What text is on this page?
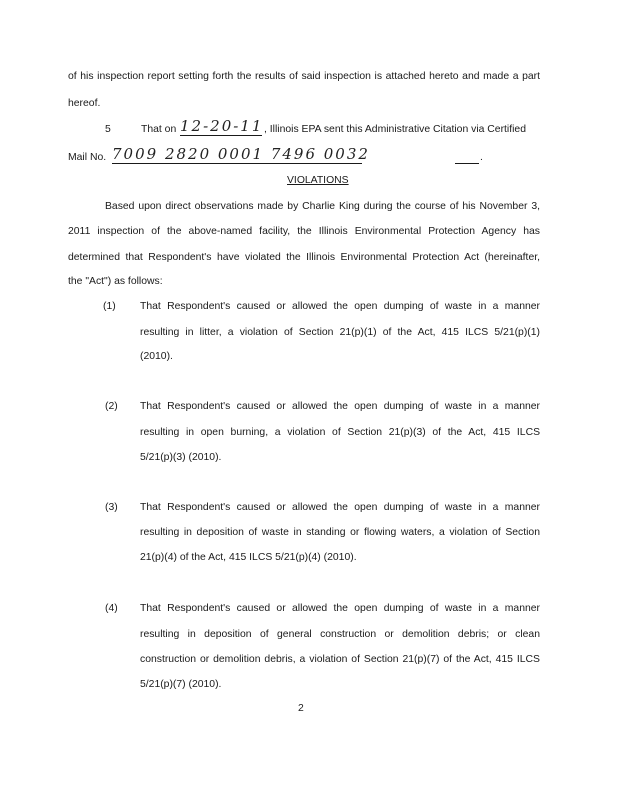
of his inspection report setting forth the results of said inspection is attached hereto and made a part
hereof.
5	That on 12-20-11 , Illinois EPA sent this Administrative Citation via Certified
Mail No. 7009 2820 0001 7496 0032	.
VIOLATIONS
Based upon direct observations made by Charlie King during the course of his November 3,
2011 inspection of the above-named facility, the Illinois Environmental Protection Agency has
determined that Respondent's have violated the Illinois Environmental Protection Act (hereinafter,
the "Act") as follows:
(1) That Respondent's caused or allowed the open dumping of waste in a manner
resulting in litter, a violation of Section 21(p)(1) of the Act, 415 ILCS 5/21(p)(1)
(2010).
(2) That Respondent's caused or allowed the open dumping of waste in a manner
resulting in open burning, a violation of Section 21(p)(3) of the Act, 415 ILCS
5/21(p)(3) (2010).
(3) That Respondent's caused or allowed the open dumping of waste in a manner
resulting in deposition of waste in standing or flowing waters, a violation of Section
21(p)(4) of the Act, 415 ILCS 5/21(p)(4) (2010).
(4) That Respondent's caused or allowed the open dumping of waste in a manner
resulting in deposition of general construction or demolition debris; or clean
construction or demolition debris, a violation of Section 21(p)(7) of the Act, 415 ILCS
5/21(p)(7) (2010).
2
